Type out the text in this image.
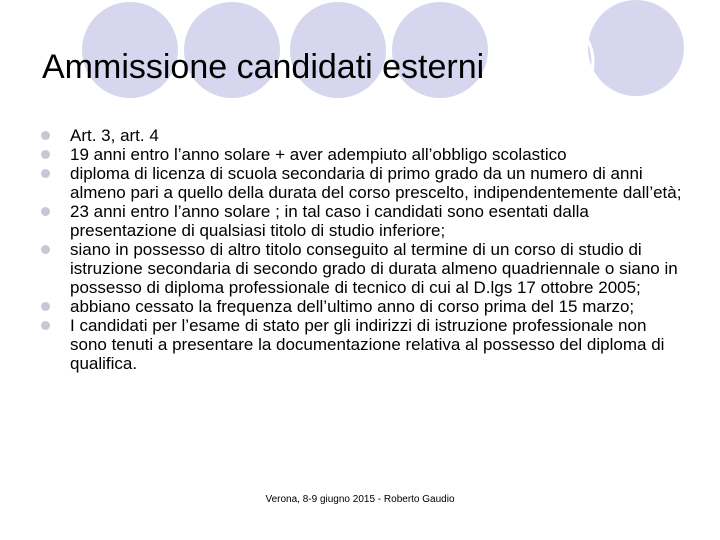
Ammissione candidati esterni
Art. 3, art. 4
19 anni entro l’anno solare + aver adempiuto all’obbligo scolastico
diploma di licenza di scuola secondaria di primo grado da un numero di anni almeno pari a quello della durata del corso prescelto, indipendentemente dall’età;
23 anni entro l’anno solare ; in tal caso i candidati sono esentati dalla presentazione di qualsiasi titolo di studio inferiore;
siano in possesso di altro titolo conseguito al termine di un corso di studio di istruzione secondaria di secondo grado di durata almeno quadriennale o siano in possesso di diploma professionale di tecnico di cui al D.lgs 17 ottobre 2005;
abbiano cessato la frequenza dell’ultimo anno di corso prima del 15 marzo;
I candidati per l’esame di stato per gli indirizzi di istruzione professionale non sono tenuti a presentare la documentazione relativa al possesso del diploma di qualifica.
Verona, 8-9 giugno 2015 - Roberto Gaudio
